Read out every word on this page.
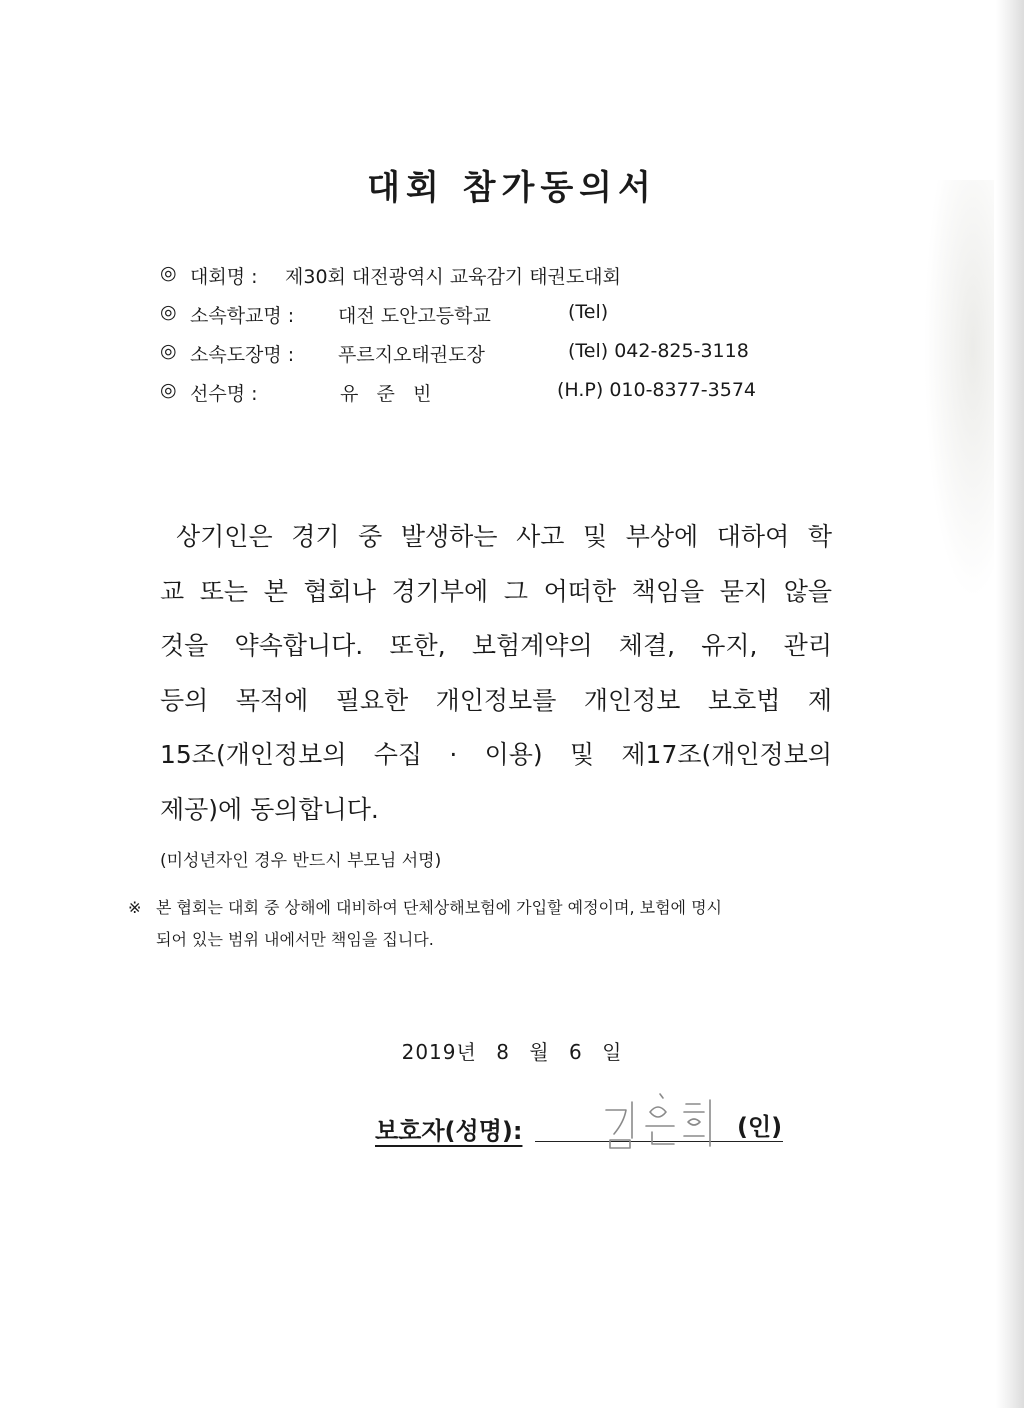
대회 참가동의서
◎ 대회명 : 제30회 대전광역시 교육감기 태권도대회
◎ 소속학교명 : 대전 도안고등학교	(Tel)
◎ 소속도장명 : 푸르지오태권도장	(Tel) 042-825-3118
◎ 선수명 :	유   준   빈	(H.P) 010-8377-3574
상기인은 경기 중 발생하는 사고 및 부상에 대하여 학
교 또는 본 협회나 경기부에 그 어떠한 책임을 묻지 않을
것을 약속합니다. 또한, 보험계약의 체결, 유지, 관리
등의 목적에 필요한 개인정보를 개인정보 보호법 제
15조(개인정보의 수집 · 이용) 및 제17조(개인정보의
제공)에 동의합니다.
(미성년자인 경우 반드시 부모님 서명)
※ 본 협회는 대회 중 상해에 대비하여 단체상해보험에 가입할 예정이며, 보험에 명시
되어 있는 범위 내에서만 책임을 집니다.
2019년 8 월 6 일
보호자(성명):	(인)
